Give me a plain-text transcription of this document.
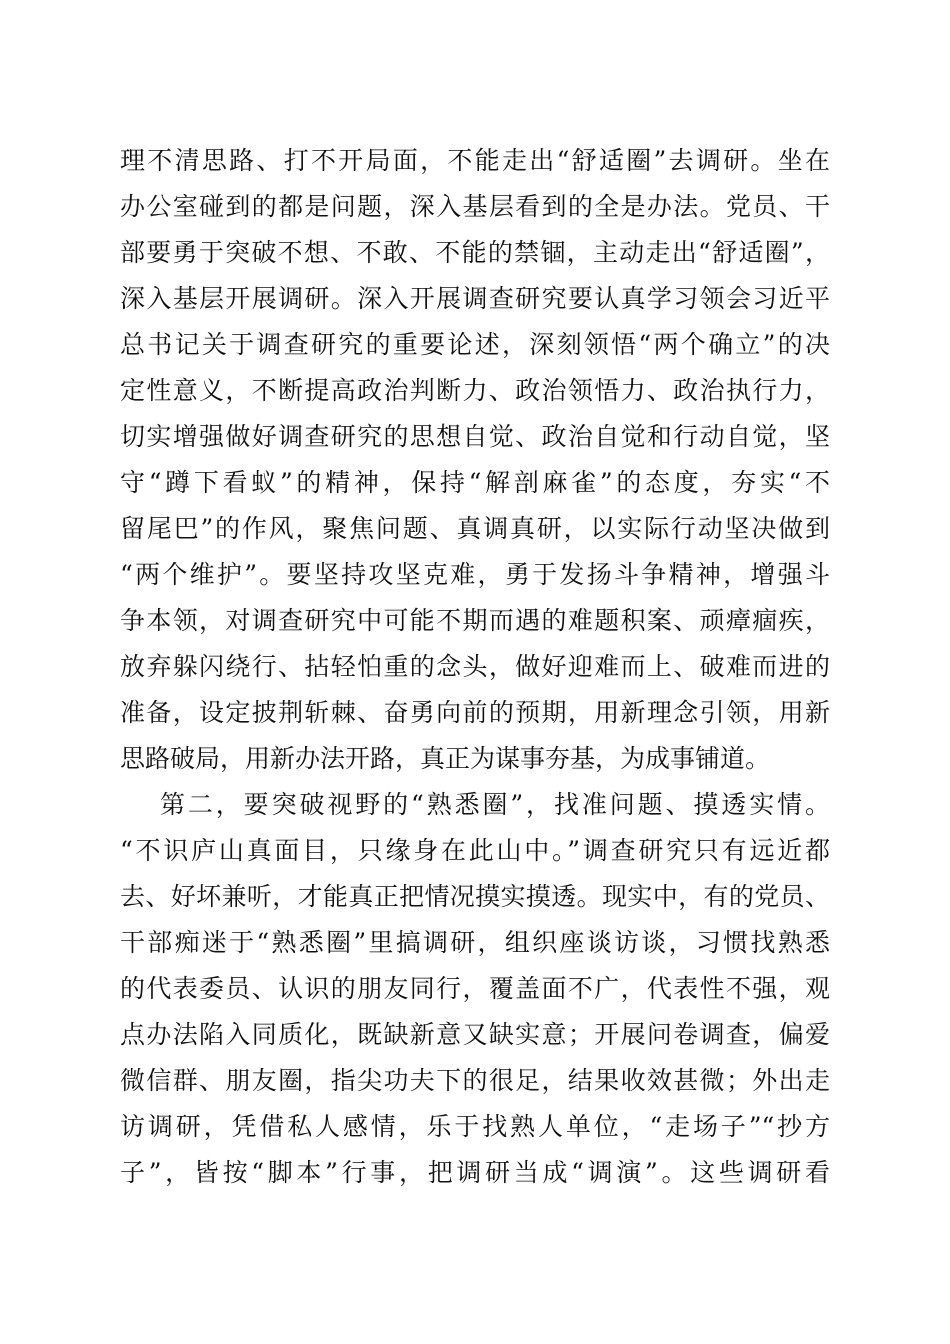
理不清思路、打不开局面，不能走出“舒适圈”去调研。坐在
办公室碰到的都是问题，深入基层看到的全是办法。党员、干
部要勇于突破不想、不敢、不能的禁锢，主动走出“舒适圈”，
深入基层开展调研。深入开展调查研究要认真学习领会习近平
总书记关于调查研究的重要论述，深刻领悟“两个确立”的决
定性意义，不断提高政治判断力、政治领悟力、政治执行力，
切实增强做好调查研究的思想自觉、政治自觉和行动自觉，坚
守“蹲下看蚁”的精神，保持“解剖麻雀”的态度，夯实“不
留尾巴”的作风，聚焦问题、真调真研，以实际行动坚决做到
“两个维护”。要坚持攻坚克难，勇于发扬斗争精神，增强斗
争本领，对调查研究中可能不期而遇的难题积案、顽瘴痼疾，
放弃躲闪绕行、拈轻怕重的念头，做好迎难而上、破难而进的
准备，设定披荆斩棘、奋勇向前的预期，用新理念引领，用新
思路破局，用新办法开路，真正为谋事夯基，为成事铺道。
第二，要突破视野的“熟悉圈”，找准问题、摸透实情。
“不识庐山真面目，只缘身在此山中。”调查研究只有远近都
去、好坏兼听，才能真正把情况摸实摸透。现实中，有的党员、
干部痴迷于“熟悉圈”里搞调研，组织座谈访谈，习惯找熟悉
的代表委员、认识的朋友同行，覆盖面不广，代表性不强，观
点办法陷入同质化，既缺新意又缺实意；开展问卷调查，偏爱
微信群、朋友圈，指尖功夫下的很足，结果收效甚微；外出走
访调研，凭借私人感情，乐于找熟人单位，“走场子”“抄方
子”，皆按“脚本”行事，把调研当成“调演”。这些调研看
